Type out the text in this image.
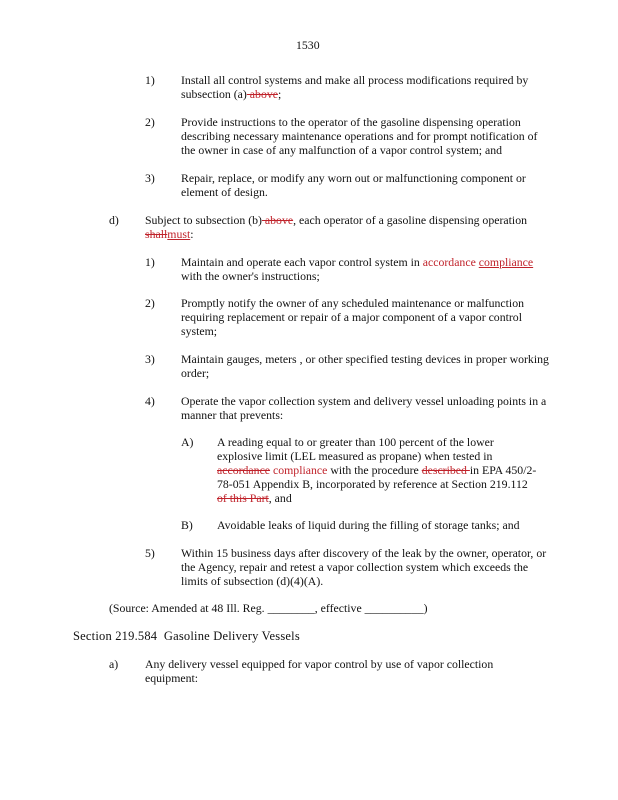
1530
1) Install all control systems and make all process modifications required by subsection (a) above;
2) Provide instructions to the operator of the gasoline dispensing operation describing necessary maintenance operations and for prompt notification of the owner in case of any malfunction of a vapor control system; and
3) Repair, replace, or modify any worn out or malfunctioning component or element of design.
d) Subject to subsection (b) above, each operator of a gasoline dispensing operation shallmust:
1) Maintain and operate each vapor control system in accordance compliance
with the owner's instructions;
2) Promptly notify the owner of any scheduled maintenance or malfunction requiring replacement or repair of a major component of a vapor control system;
3) Maintain gauges, meters , or other specified testing devices in proper working order;
4) Operate the vapor collection system and delivery vessel unloading points in a manner that prevents:
A) A reading equal to or greater than 100 percent of the lower explosive limit (LEL measured as propane) when tested in accordance compliance with the procedure described in EPA 450/2-78-051 Appendix B, incorporated by reference at Section 219.112 of this Part, and
B) Avoidable leaks of liquid during the filling of storage tanks; and
5) Within 15 business days after discovery of the leak by the owner, operator, or the Agency, repair and retest a vapor collection system which exceeds the limits of subsection (d)(4)(A).
(Source: Amended at 48 Ill. Reg. ________, effective __________)
Section 219.584  Gasoline Delivery Vessels
a) Any delivery vessel equipped for vapor control by use of vapor collection equipment:
